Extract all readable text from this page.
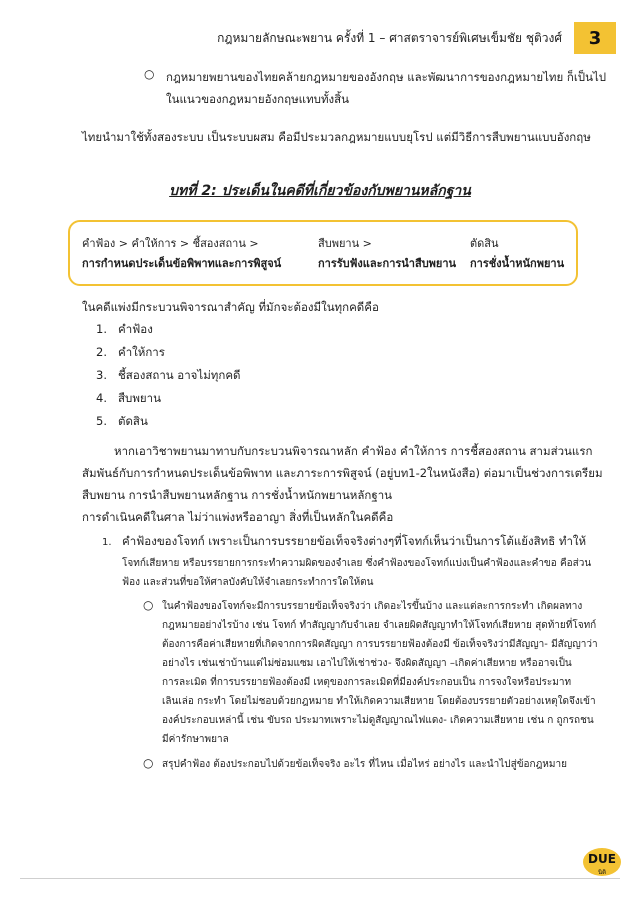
กฎหมายลักษณะพยาน ครั้งที่ 1 – ศาสตราจารย์พิเศษเข็มชัย ชุติวงศ์	3
○ กฎหมายพยานของไทยคล้ายกฎหมายของอังกฤษ และพัฒนาการของกฎหมายไทย ก็เป็นไป
ในแนวของกฎหมายอังกฤษแทบทั้งสิ้น
ไทยนำมาใช้ทั้งสองระบบ เป็นระบบผสม คือมีประมวลกฎหมายแบบยุโรป แต่มีวิธีการสืบพยานแบบอังกฤษ
บทที่ 2: ประเด็นในคดีที่เกี่ยวข้องกับพยานหลักฐาน
คำฟ้อง > คำให้การ > ชี้สองสถาน >
การกำหนดประเด็นข้อพิพาทและการพิสูจน์
สืบพยาน >
การรับฟังและการนำสืบพยาน
ตัดสิน
การชั่งน้ำหนักพยาน
ในคดีแพ่งมีกระบวนพิจารณาสำคัญ ที่มักจะต้องมีในทุกคดีคือ
1. คำฟ้อง
2. คำให้การ
3. ชี้สองสถาน อาจไม่ทุกคดี
4. สืบพยาน
5. ตัดสิน
หากเอาวิชาพยานมาทาบกับกระบวนพิจารณาหลัก คำฟ้อง คำให้การ การชี้สองสถาน สามส่วนแรก
สัมพันธ์กับการกำหนดประเด็นข้อพิพาท และภาระการพิสูจน์ (อยู่บท1-2ในหนังสือ) ต่อมาเป็นช่วงการเตรียม
สืบพยาน การนำสืบพยานหลักฐาน การชั่งน้ำหนักพยานหลักฐาน
การดำเนินคดีในศาล ไม่ว่าแพ่งหรืออาญา สิ่งที่เป็นหลักในคดีคือ
1. คำฟ้องของโจทก์ เพราะเป็นการบรรยายข้อเท็จจริงต่างๆที่โจทก์เห็นว่าเป็นการโต้แย้งสิทธิ ทำให้
โจทก์เสียหาย หรือบรรยายการกระทำความผิดของจำเลย ซึ่งคำฟ้องของโจทก์แบ่งเป็นคำฟ้องและคำขอ คือส่วน
ฟ้อง และส่วนที่ขอให้ศาลบังคับให้จำเลยกระทำการใดให้ตน
○ ในคำฟ้องของโจทก์จะมีการบรรยายข้อเท็จจริงว่า เกิดอะไรขึ้นบ้าง และแต่ละการกระทำ เกิดผลทาง
กฎหมายอย่างไรบ้าง เช่น โจทก์ ทำสัญญากับจำเลย จำเลยผิดสัญญาทำให้โจทก์เสียหาย สุดท้ายที่โจทก์
ต้องการคือค่าเสียหายที่เกิดจากการผิดสัญญา การบรรยายฟ้องต้องมี ข้อเท็จจริงว่ามีสัญญา- มีสัญญาว่า
อย่างไร เช่นเช่าบ้านแต่ไม่ซ่อมแซม เอาไปให้เช่าช่วง - จึงผิดสัญญา –เกิดค่าเสียหาย หรืออาจเป็น
การละเมิด ที่การบรรยายฟ้องต้องมี เหตุของการละเมิดที่มีองค์ประกอบเป็น การจงใจหรือประมาท
เลินเล่อ กระทำ โดยไม่ชอบด้วยกฎหมาย ทำให้เกิดความเสียหาย โดยต้องบรรยายตัวอย่างเหตุใดจึงเข้า
องค์ประกอบเหล่านี้ เช่น ขับรถ ประมาทเพราะไม่ดูสัญญาณไฟแดง- เกิดความเสียหาย เช่น ก ถูกรถชน
มีค่ารักษาพยาล
○ สรุปคำฟ้อง ต้องประกอบไปด้วยข้อเท็จจริง อะไร ที่ไหน เมื่อไหร่ อย่างไร และนำไปสู่ข้อกฎหมาย
DUE
นิติ
